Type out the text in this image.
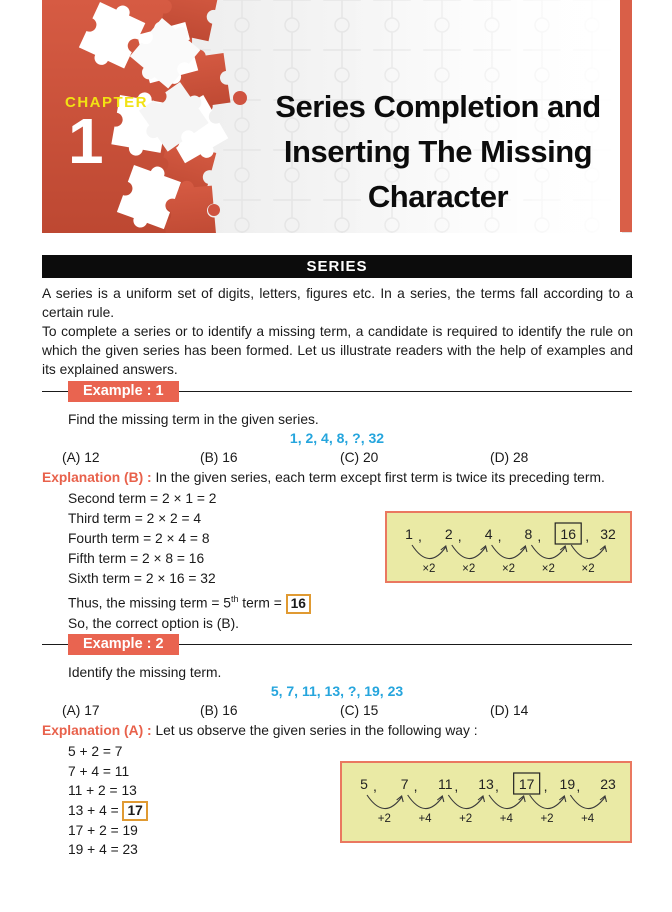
CHAPTER
1	Series Completion and
Inserting The Missing
Character
SERIES

A series is a uniform set of digits, letters, figures etc. In a series, the terms fall according to a certain rule.

To complete a series or to identify a missing term, a candidate is required to identify the rule on which the given series has been formed. Let us illustrate readers with the help of examples and its explained answers.

Example : 1
Find the missing term in the given series.
1, 2, 4, 8, ?, 32
(A) 12	(B) 16	(C) 20	(D) 28
Explanation (B) : In the given series, each term except first term is twice its preceding term.
Second term = 2 × 1 = 2
Third term = 2 × 2 = 4
Fourth term = 2 × 4 = 8
Fifth term = 2 × 8 = 16
Sixth term = 2 × 16 = 32
Thus, the missing term = 5th term = 16
So, the correct option is (B).
1 , 2 , 4 , 8 , 16 , 32
×2 ×2 ×2 ×2 ×2
Example : 2
Identify the missing term.
5, 7, 11, 13, ?, 19, 23
(A) 17	(B) 16	(C) 15	(D) 14
Explanation (A) : Let us observe the given series in the following way :
5 + 2 = 7
7 + 4 = 11
11 + 2 = 13
13 + 4 = 17
17 + 2 = 19
19 + 4 = 23
5 , 7 , 11 , 13 , 17 , 19 , 23
+2 +4 +2 +4 +2 +4
